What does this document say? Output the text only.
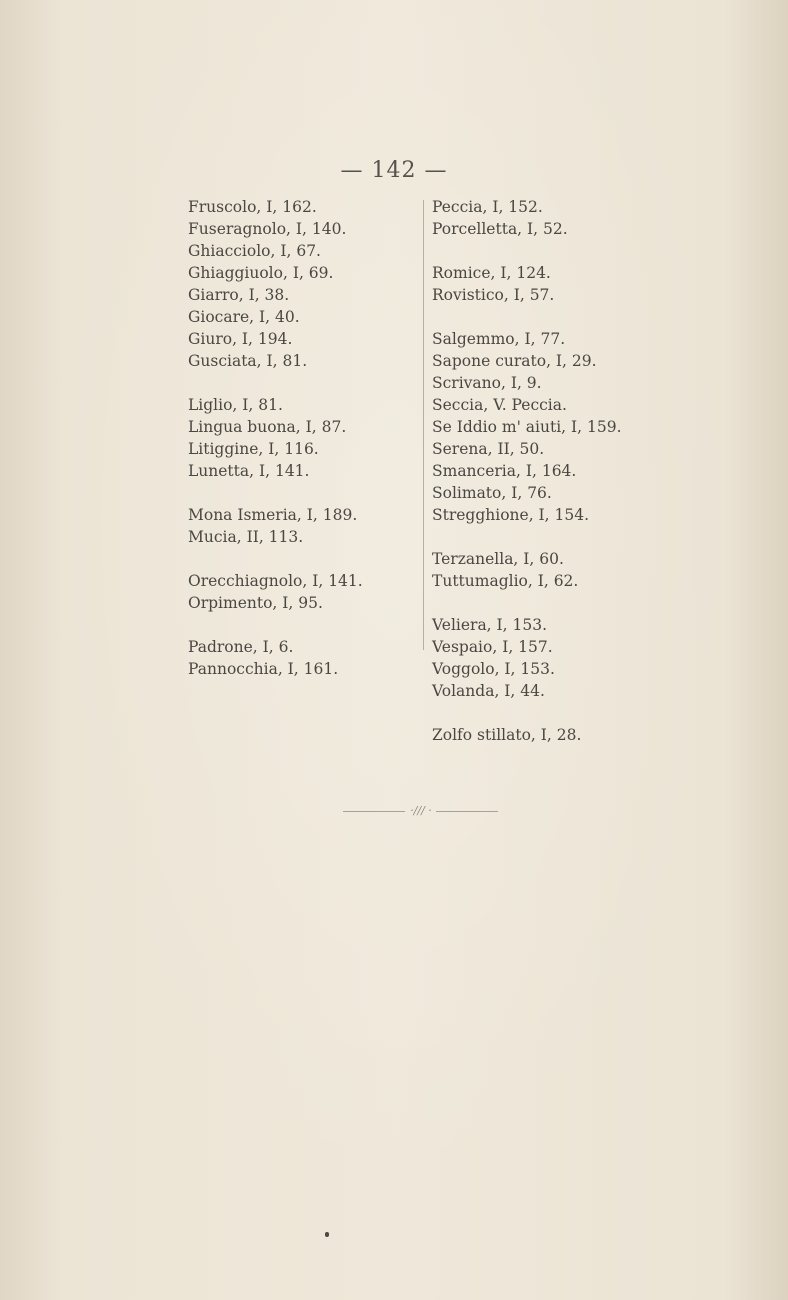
— 142 —
Fruscolo, I, 162.
Fuseragnolo, I, 140.
Ghiacciolo, I, 67.
Ghiaggiuolo, I, 69.
Giarro, I, 38.
Giocare, I, 40.
Giuro, I, 194.
Gusciata, I, 81.
Liglio, I, 81.
Lingua buona, I, 87.
Litiggine, I, 116.
Lunetta, I, 141.
Mona Ismeria, I, 189.
Mucia, II, 113.
Orecchiagnolo, I, 141.
Orpimento, I, 95.
Padrone, I, 6.
Pannocchia, I, 161.
Peccia, I, 152.
Porcelletta, I, 52.
Romice, I, 124.
Rovistico, I, 57.
Salgemmo, I, 77.
Sapone curato, I, 29.
Scrivano, I, 9.
Seccia, V. Peccia.
Se Iddio m' aiuti, I, 159.
Serena, II, 50.
Smanceria, I, 164.
Solimato, I, 76.
Stregghione, I, 154.
Terzanella, I, 60.
Tuttumaglio, I, 62.
Veliera, I, 153.
Vespaio, I, 157.
Voggolo, I, 153.
Volanda, I, 44.
Zolfo stillato, I, 28.
·/// ·
